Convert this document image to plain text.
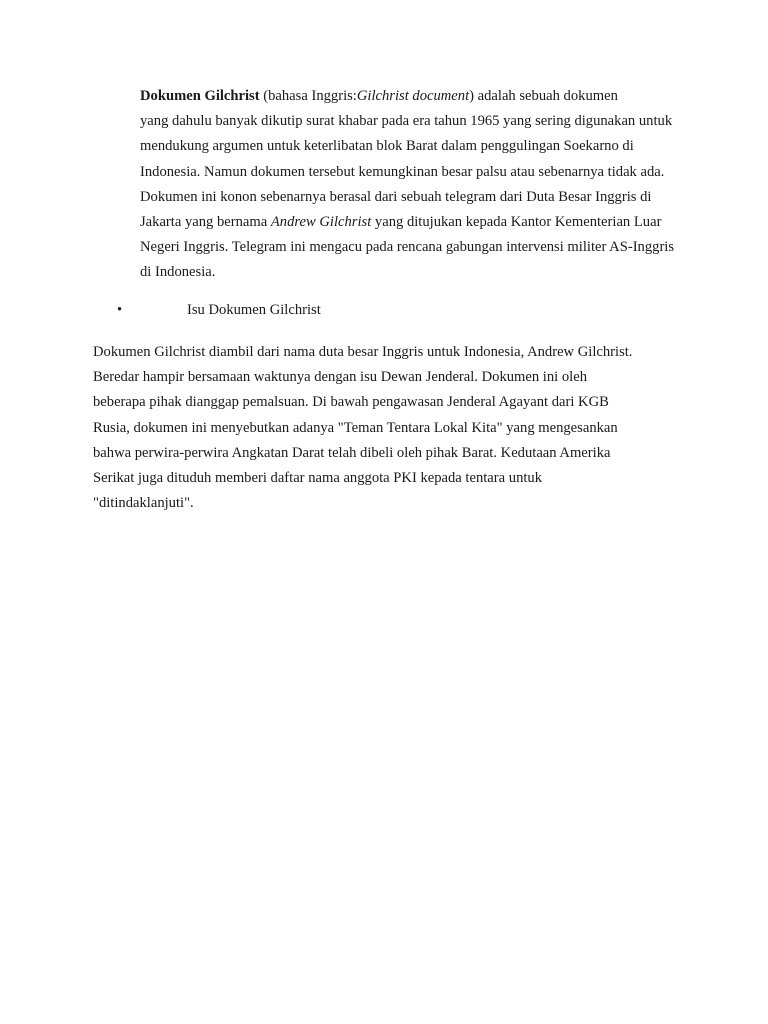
Dokumen Gilchrist (bahasa Inggris:Gilchrist document) adalah sebuah dokumen
yang dahulu banyak dikutip surat khabar pada era tahun 1965 yang sering digunakan untuk
mendukung argumen untuk keterlibatan blok Barat dalam penggulingan Soekarno di
Indonesia. Namun dokumen tersebut kemungkinan besar palsu atau sebenarnya tidak ada.
Dokumen ini konon sebenarnya berasal dari sebuah telegram dari Duta Besar Inggris di
Jakarta yang bernama Andrew Gilchrist yang ditujukan kepada Kantor Kementerian Luar
Negeri Inggris. Telegram ini mengacu pada rencana gabungan intervensi militer AS-Inggris
di Indonesia.
•	Isu Dokumen Gilchrist
Dokumen Gilchrist diambil dari nama duta besar Inggris untuk Indonesia, Andrew Gilchrist.
Beredar hampir bersamaan waktunya dengan isu Dewan Jenderal. Dokumen ini oleh
beberapa pihak dianggap pemalsuan. Di bawah pengawasan Jenderal Agayant dari KGB
Rusia, dokumen ini menyebutkan adanya "Teman Tentara Lokal Kita" yang mengesankan
bahwa perwira-perwira Angkatan Darat telah dibeli oleh pihak Barat. Kedutaan Amerika
Serikat juga dituduh memberi daftar nama anggota PKI kepada tentara untuk
"ditindaklanjuti".
